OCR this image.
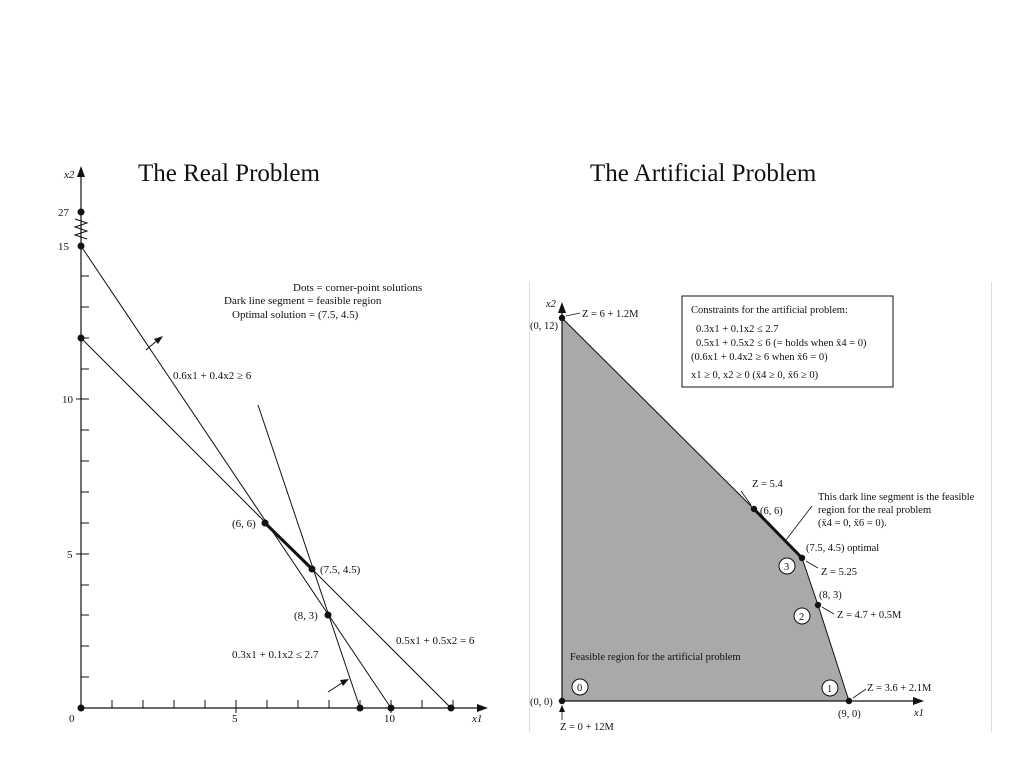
The Real Problem	The Artificial Problem
27
15
10
5
0	5	10
x2
x1
(6, 6)
(7.5, 4.5)
(8, 3)
Dots = corner-point solutions
Dark line segment = feasible region
Optimal solution = (7.5, 4.5)
0.6x1 + 0.4x2 ≥ 6
0.5x1 + 0.5x2 = 6
0.3x1 + 0.1x2 ≤ 2.7
x2
x1
Constraints for the artificial problem:
0.3x1 + 0.1x2 ≤ 2.7
0.5x1 + 0.5x2 ≤ 6 (= holds when x̄4 = 0)
(0.6x1 + 0.4x2 ≥ 6 when x̄6 = 0)
x1 ≥ 0, x2 ≥ 0 (x̄4 ≥ 0, x̄6 ≥ 0)
(0, 12)
Z = 6 + 1.2M
Z = 5.4
(6, 6)
This dark line segment is the feasible
region for the real problem
(x̄4 = 0, x̄6 = 0).
(7.5, 4.5) optimal
Z = 5.25
(8, 3)
Z = 4.7 + 0.5M
Z = 3.6 + 2.1M
(9, 0)
(0, 0)
Z = 0 + 12M
Feasible region for the artificial problem
0	1
2
3
